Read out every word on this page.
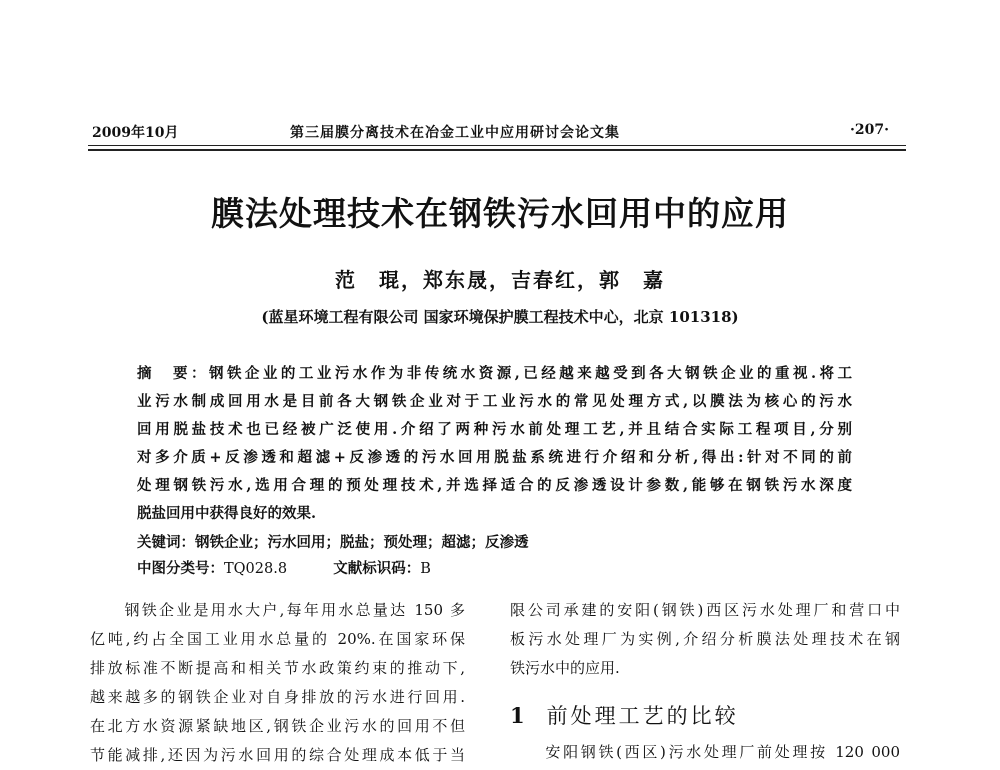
2009年10月	第三届膜分离技术在冶金工业中应用研讨会论文集	·207·
膜法处理技术在钢铁污水回用中的应用
范　琨，郑东晟，吉春红，郭　嘉
(蓝星环境工程有限公司 国家环境保护膜工程技术中心，北京 101318)
摘　要：钢铁企业的工业污水作为非传统水资源,已经越来越受到各大钢铁企业的重视.将工
业污水制成回用水是目前各大钢铁企业对于工业污水的常见处理方式,以膜法为核心的污水
回用脱盐技术也已经被广泛使用.介绍了两种污水前处理工艺,并且结合实际工程项目,分别
对多介质+反渗透和超滤+反渗透的污水回用脱盐系统进行介绍和分析,得出:针对不同的前
处理钢铁污水,选用合理的预处理技术,并选择适合的反渗透设计参数,能够在钢铁污水深度
脱盐回用中获得良好的效果.
关键词：钢铁企业；污水回用；脱盐；预处理；超滤；反渗透
中图分类号：TQ028.8	文献标识码：B
　　钢铁企业是用水大户,每年用水总量达 150 多
亿吨,约占全国工业用水总量的 20%.在国家环保
排放标准不断提高和相关节水政策约束的推动下,
越来越多的钢铁企业对自身排放的污水进行回用.
在北方水资源紧缺地区,钢铁企业污水的回用不但
节能减排,还因为污水回用的综合处理成本低于当
限公司承建的安阳(钢铁)西区污水处理厂和营口中
板污水处理厂为实例,介绍分析膜法处理技术在钢
铁污水中的应用.
1 前处理工艺的比较
　　安阳钢铁(西区)污水处理厂前处理按 120 000
